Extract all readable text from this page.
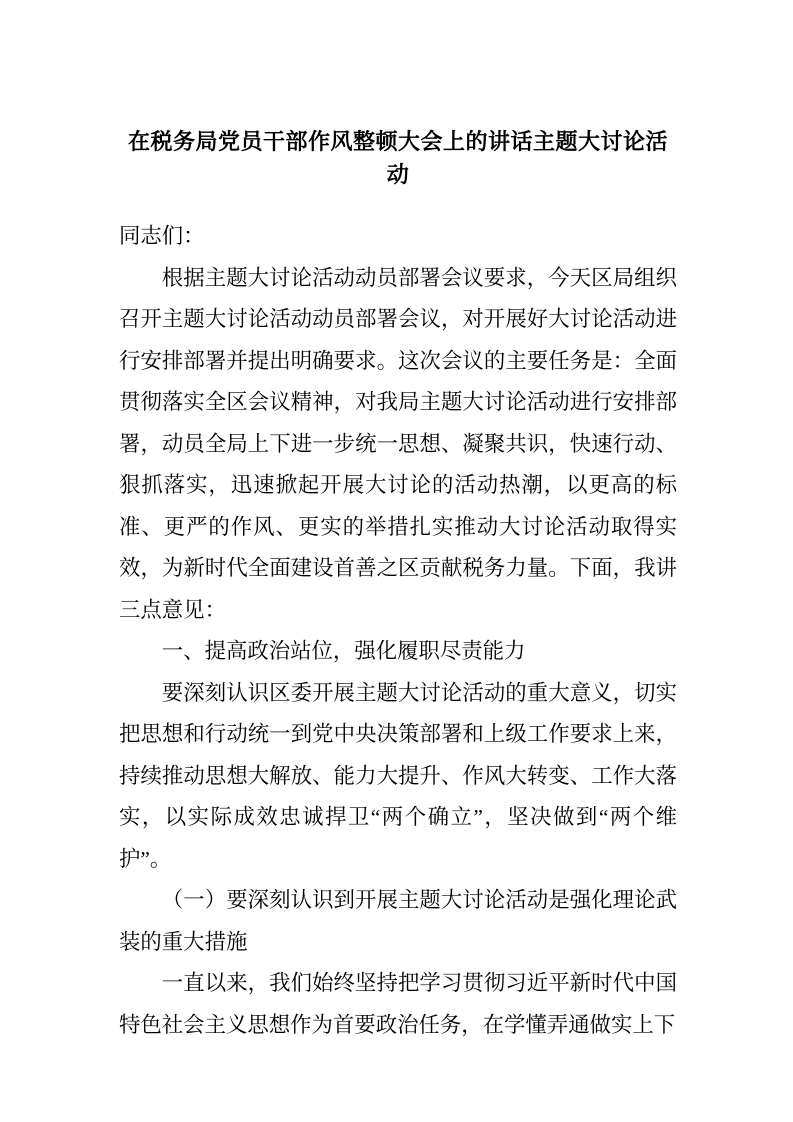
在税务局党员干部作风整顿大会上的讲话主题大讨论活动

同志们：

根据主题大讨论活动动员部署会议要求，今天区局组织召开主题大讨论活动动员部署会议，对开展好大讨论活动进行安排部署并提出明确要求。这次会议的主要任务是：全面贯彻落实全区会议精神，对我局主题大讨论活动进行安排部署，动员全局上下进一步统一思想、凝聚共识，快速行动、狠抓落实，迅速掀起开展大讨论的活动热潮，以更高的标准、更严的作风、更实的举措扎实推动大讨论活动取得实效，为新时代全面建设首善之区贡献税务力量。下面，我讲三点意见：

一、提高政治站位，强化履职尽责能力

要深刻认识区委开展主题大讨论活动的重大意义，切实把思想和行动统一到党中央决策部署和上级工作要求上来，持续推动思想大解放、能力大提升、作风大转变、工作大落实，以实际成效忠诚捍卫“两个确立”，坚决做到“两个维护”。

（一）要深刻认识到开展主题大讨论活动是强化理论武装的重大措施

一直以来，我们始终坚持把学习贯彻习近平新时代中国特色社会主义思想作为首要政治任务，在学懂弄通做实上下
